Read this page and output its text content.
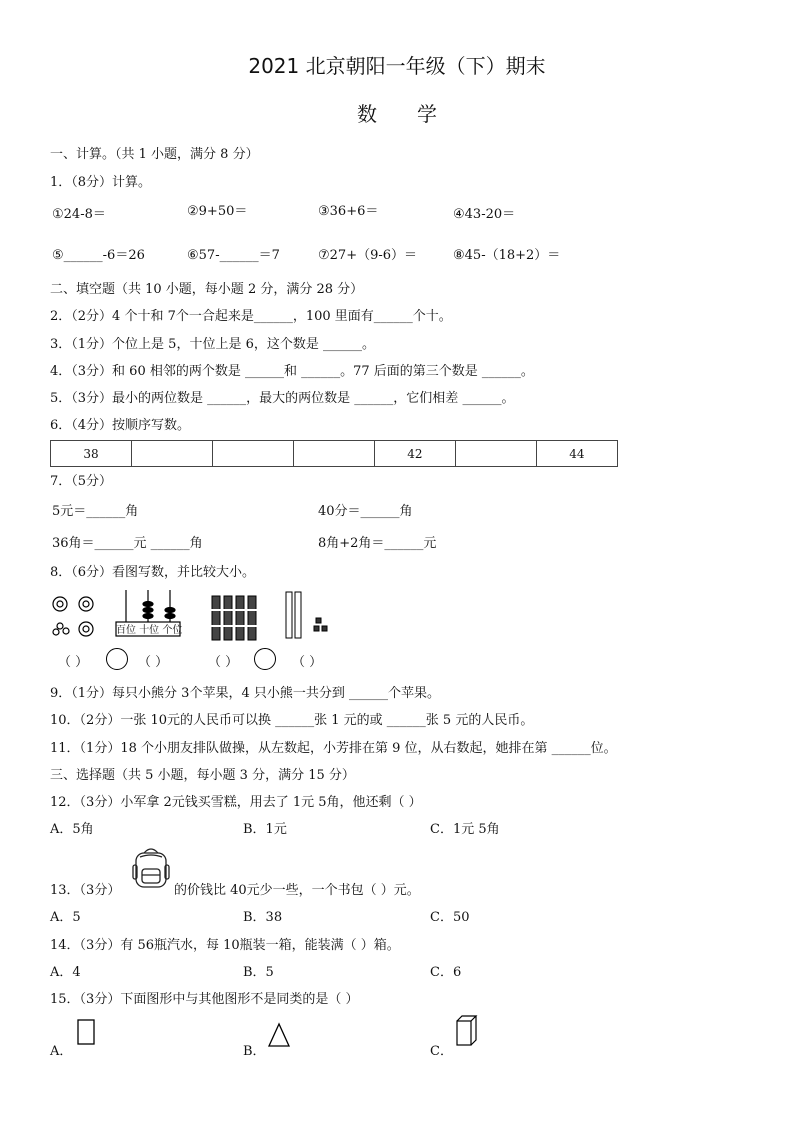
2021 北京朝阳一年级（下）期末
数学
一、计算。（共 1 小题，满分 8 分）
1．（8分）计算。
①24-8＝	②9+50＝	③36+6＝	④43-20＝
⑤______-6＝26	⑥57-______＝7	⑦27+（9-6）＝	⑧45-（18+2）＝
二、填空题（共 10 小题，每小题 2 分，满分 28 分）
2．（2分）4 个十和 7个一合起来是______，100 里面有______个十。
3．（1分）个位上是 5，十位上是 6，这个数是 ______。
4．（3分）和 60 相邻的两个数是 ______和 ______。77 后面的第三个数是 ______。
5．（3分）最小的两位数是 ______，最大的两位数是 ______，它们相差 ______。
6．（4分）按顺序写数。
38				42		44
7．（5分）
5元＝______角	40分＝______角
36角＝______元 ______角	8角+2角＝______元
8．（6分）看图写数，并比较大小。
百位 十位 个位
（ ）	（ ）	（ ）	（ ）
9．（1分）每只小熊分 3个苹果，4 只小熊一共分到 ______个苹果。
10．（2分）一张 10元的人民币可以换 ______张 1 元的或 ______张 5 元的人民币。
11．（1分）18 个小朋友排队做操，从左数起，小芳排在第 9 位，从右数起，她排在第 ______位。
三、选择题（共 5 小题，每小题 3 分，满分 15 分）
12．（3分）小军拿 2元钱买雪糕，用去了 1元 5角，他还剩（ ）
A．5角	B．1元	C．1元 5角
13．（3分）	的价钱比 40元少一些，一个书包（ ）元。
A．5	B．38	C．50
14．（3分）有 56瓶汽水，每 10瓶装一箱，能装满（ ）箱。
A．4	B．5	C．6
15．（3分）下面图形中与其他图形不是同类的是（ ）
A．	B．	C．
